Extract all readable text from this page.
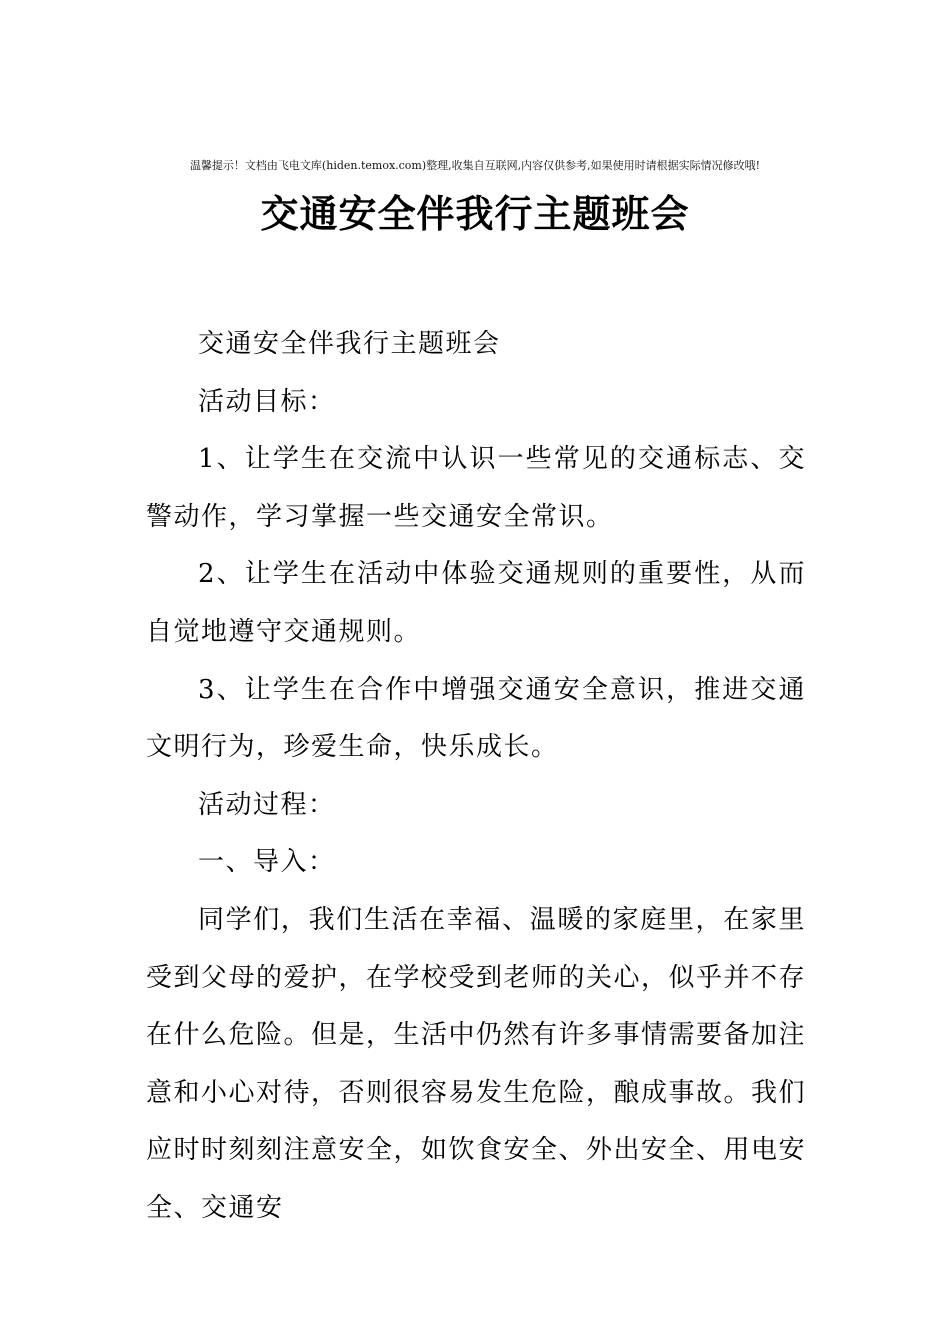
温馨提示！文档由飞电文库(hiden.temox.com)整理,收集自互联网,内容仅供参考,如果使用时请根据实际情况修改哦!
交通安全伴我行主题班会

交通安全伴我行主题班会

活动目标：

1、让学生在交流中认识一些常见的交通标志、交警动作，学习掌握一些交通安全常识。

2、让学生在活动中体验交通规则的重要性，从而自觉地遵守交通规则。

3、让学生在合作中增强交通安全意识，推进交通文明行为，珍爱生命，快乐成长。

活动过程：

一、导入：

同学们，我们生活在幸福、温暖的家庭里，在家里受到父母的爱护，在学校受到老师的关心，似乎并不存在什么危险。但是，生活中仍然有许多事情需要备加注意和小心对待，否则很容易发生危险，酿成事故。我们应时时刻刻注意安全，如饮食安全、外出安全、用电安全、交通安
